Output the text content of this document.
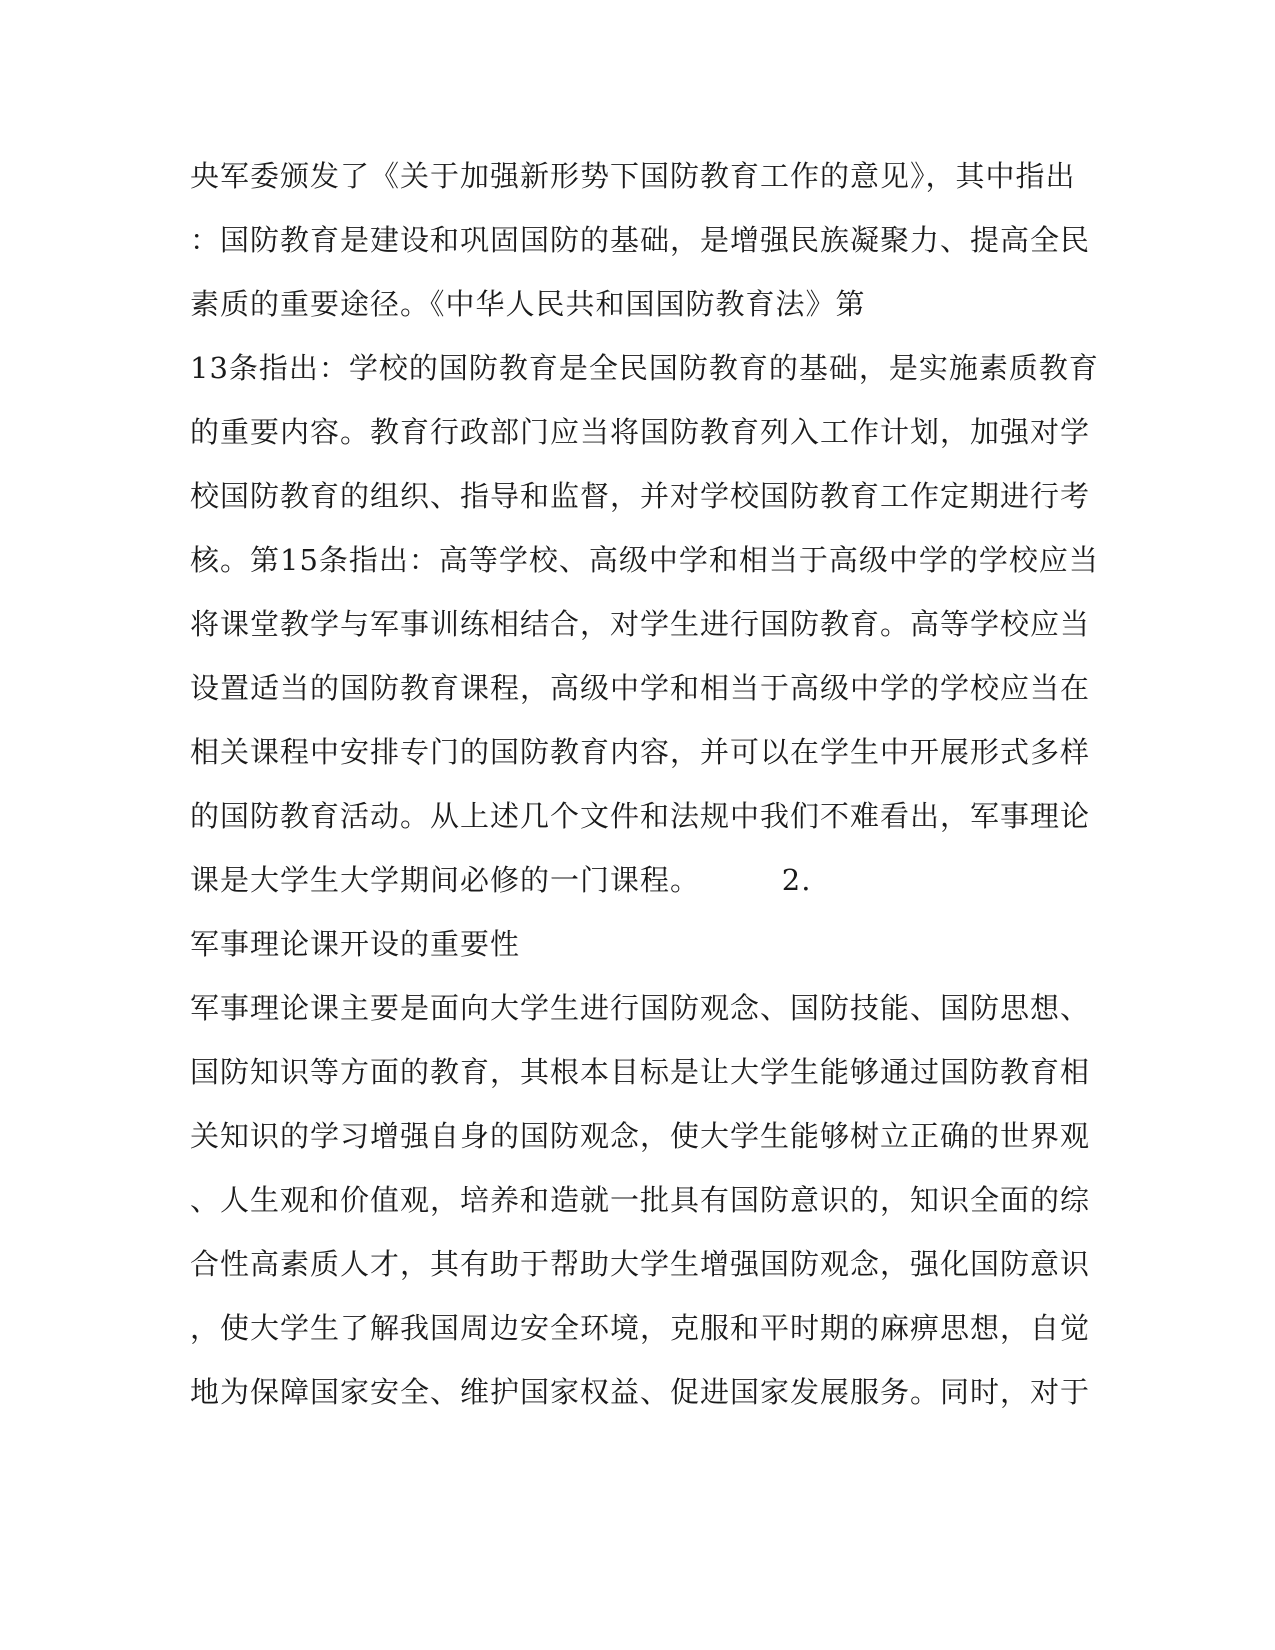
央军委颁发了《关于加强新形势下国防教育工作的意见》，其中指出
：国防教育是建设和巩固国防的基础，是增强民族凝聚力、提高全民
素质的重要途径。《中华人民共和国国防教育法》第
13条指出：学校的国防教育是全民国防教育的基础，是实施素质教育
的重要内容。教育行政部门应当将国防教育列入工作计划，加强对学
校国防教育的组织、指导和监督，并对学校国防教育工作定期进行考
核。第15条指出：高等学校、高级中学和相当于高级中学的学校应当
将课堂教学与军事训练相结合，对学生进行国防教育。高等学校应当
设置适当的国防教育课程，高级中学和相当于高级中学的学校应当在
相关课程中安排专门的国防教育内容，并可以在学生中开展形式多样
的国防教育活动。从上述几个文件和法规中我们不难看出，军事理论
课是大学生大学期间必修的一门课程。        2.
军事理论课开设的重要性
军事理论课主要是面向大学生进行国防观念、国防技能、国防思想、
国防知识等方面的教育，其根本目标是让大学生能够通过国防教育相
关知识的学习增强自身的国防观念，使大学生能够树立正确的世界观
、人生观和价值观，培养和造就一批具有国防意识的，知识全面的综
合性高素质人才，其有助于帮助大学生增强国防观念，强化国防意识
，使大学生了解我国周边安全环境，克服和平时期的麻痹思想，自觉
地为保障国家安全、维护国家权益、促进国家发展服务。同时，对于
